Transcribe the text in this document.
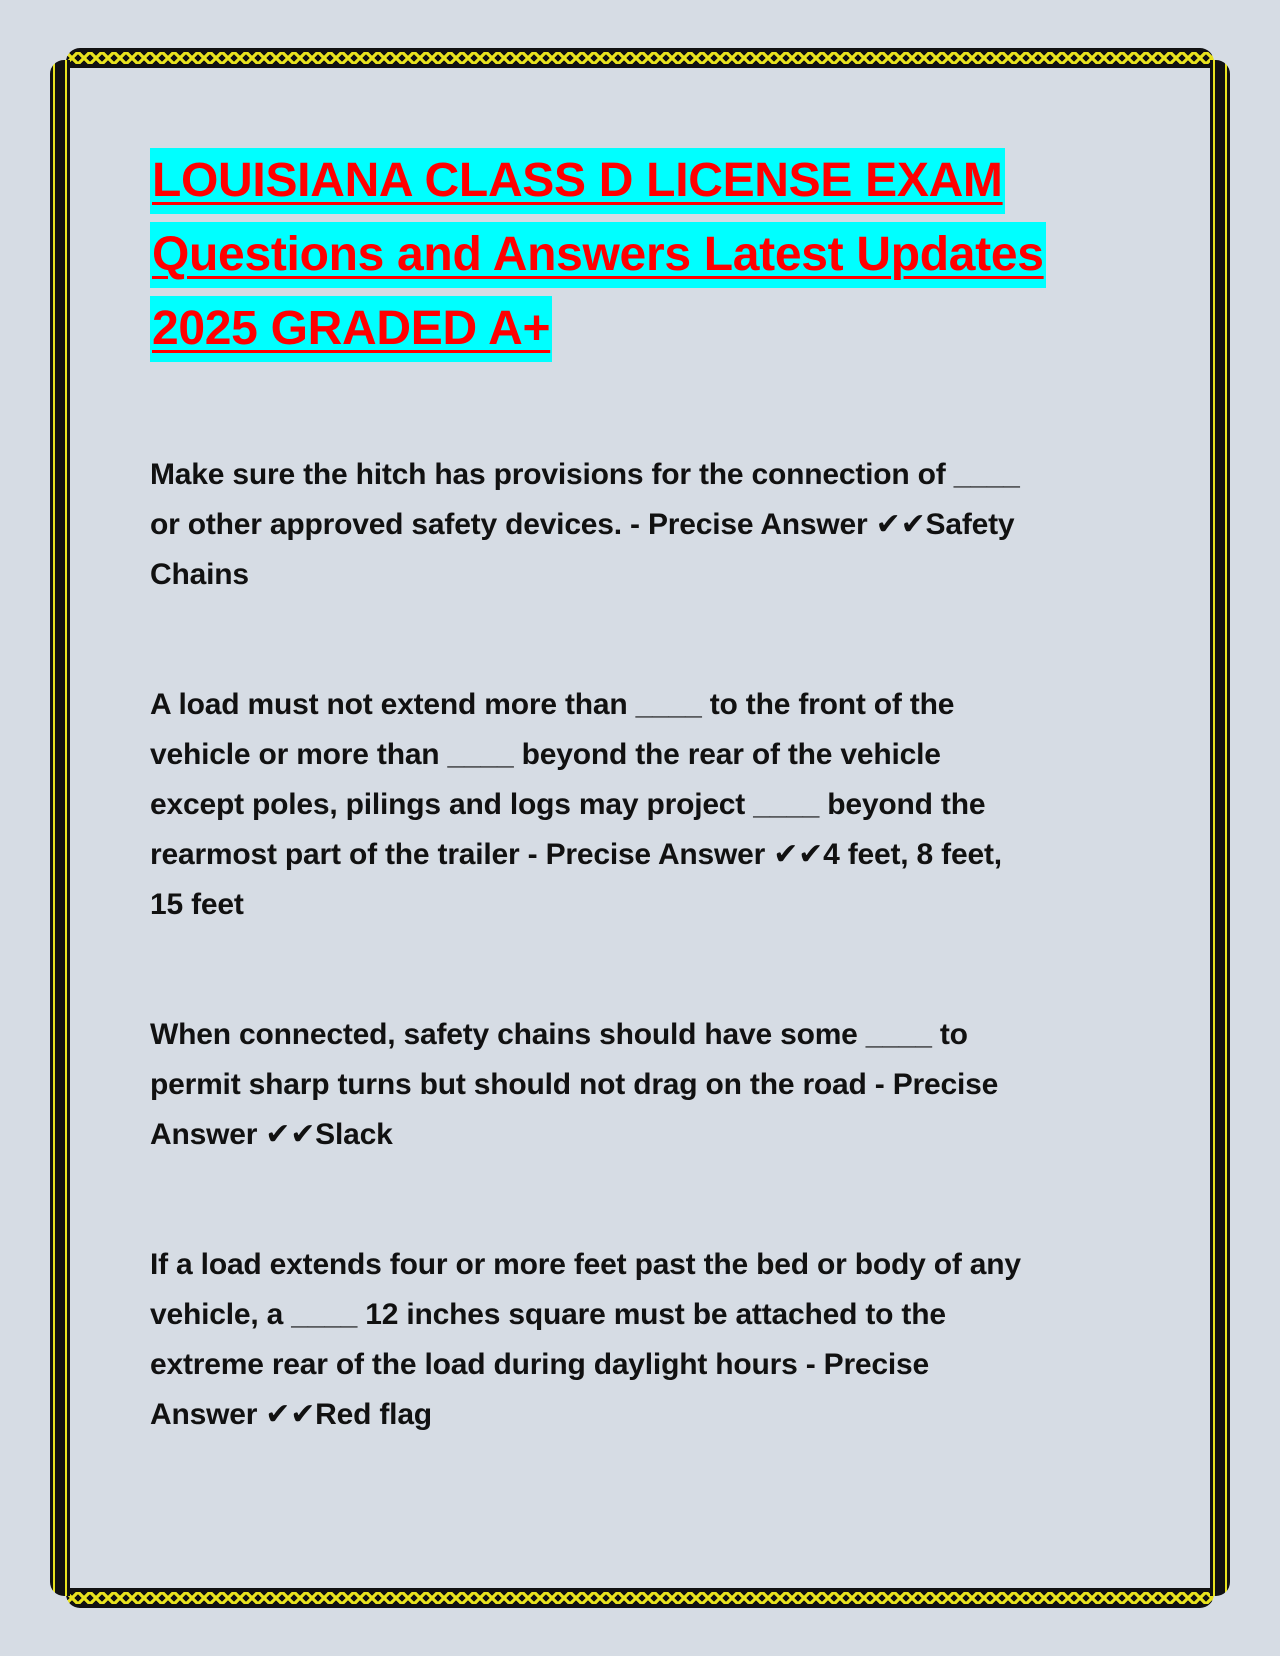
LOUISIANA CLASS D LICENSE EXAM
Questions and Answers Latest Updates
2025 GRADED A+
Make sure the hitch has provisions for the connection of ____
or other approved safety devices. - Precise Answer ✔✔Safety
Chains
A load must not extend more than ____ to the front of the
vehicle or more than ____ beyond the rear of the vehicle
except poles, pilings and logs may project ____ beyond the
rearmost part of the trailer - Precise Answer ✔✔4 feet, 8 feet,
15 feet
When connected, safety chains should have some ____ to
permit sharp turns but should not drag on the road - Precise
Answer ✔✔Slack
If a load extends four or more feet past the bed or body of any
vehicle, a ____ 12 inches square must be attached to the
extreme rear of the load during daylight hours - Precise
Answer ✔✔Red flag
